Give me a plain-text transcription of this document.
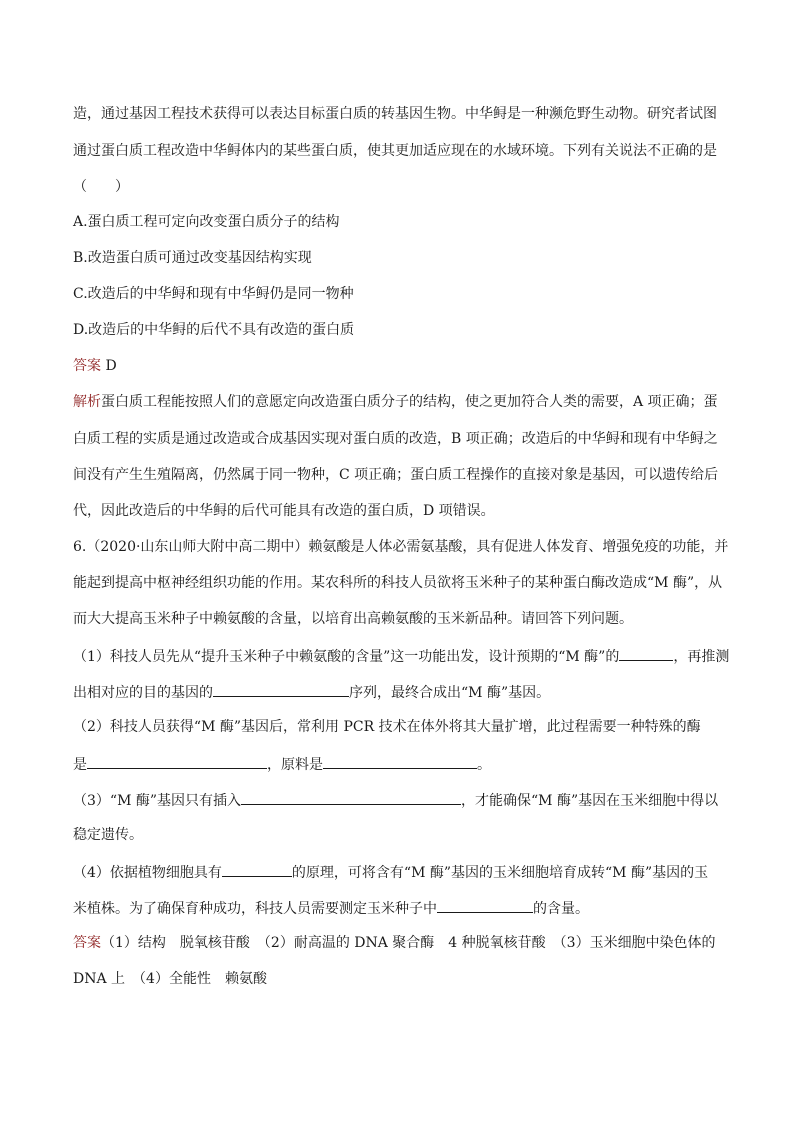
造，通过基因工程技术获得可以表达目标蛋白质的转基因生物。中华鲟是一种濒危野生动物。研究者试图
通过蛋白质工程改造中华鲟体内的某些蛋白质，使其更加适应现在的水域环境。下列有关说法不正确的是
（　　）
A.蛋白质工程可定向改变蛋白质分子的结构
B.改造蛋白质可通过改变基因结构实现
C.改造后的中华鲟和现有中华鲟仍是同一物种
D.改造后的中华鲟的后代不具有改造的蛋白质
答案 D
解析蛋白质工程能按照人们的意愿定向改造蛋白质分子的结构，使之更加符合人类的需要，A 项正确；蛋
白质工程的实质是通过改造或合成基因实现对蛋白质的改造，B 项正确；改造后的中华鲟和现有中华鲟之
间没有产生生殖隔离，仍然属于同一物种，C 项正确；蛋白质工程操作的直接对象是基因，可以遗传给后
代，因此改造后的中华鲟的后代可能具有改造的蛋白质，D 项错误。
6.（2020·山东山师大附中高二期中）赖氨酸是人体必需氨基酸，具有促进人体发育、增强免疫的功能，并
能起到提高中枢神经组织功能的作用。某农科所的科技人员欲将玉米种子的某种蛋白酶改造成“M 酶”，从
而大大提高玉米种子中赖氨酸的含量，以培育出高赖氨酸的玉米新品种。请回答下列问题。
（1）科技人员先从“提升玉米种子中赖氨酸的含量”这一功能出发，设计预期的“M 酶”的	，再推测
出相对应的目的基因的	序列，最终合成出“M 酶”基因。
（2）科技人员获得“M 酶”基因后，常利用 PCR 技术在体外将其大量扩增，此过程需要一种特殊的酶
是	，原料是	。
（3）“M 酶”基因只有插入	，才能确保“M 酶”基因在玉米细胞中得以
稳定遗传。
（4）依据植物细胞具有	的原理，可将含有“M 酶”基因的玉米细胞培育成转“M 酶”基因的玉
米植株。为了确保育种成功，科技人员需要测定玉米种子中	的含量。
答案（1）结构　脱氧核苷酸　（2）耐高温的 DNA 聚合酶　4 种脱氧核苷酸　（3）玉米细胞中染色体的
DNA 上　（4）全能性　赖氨酸
